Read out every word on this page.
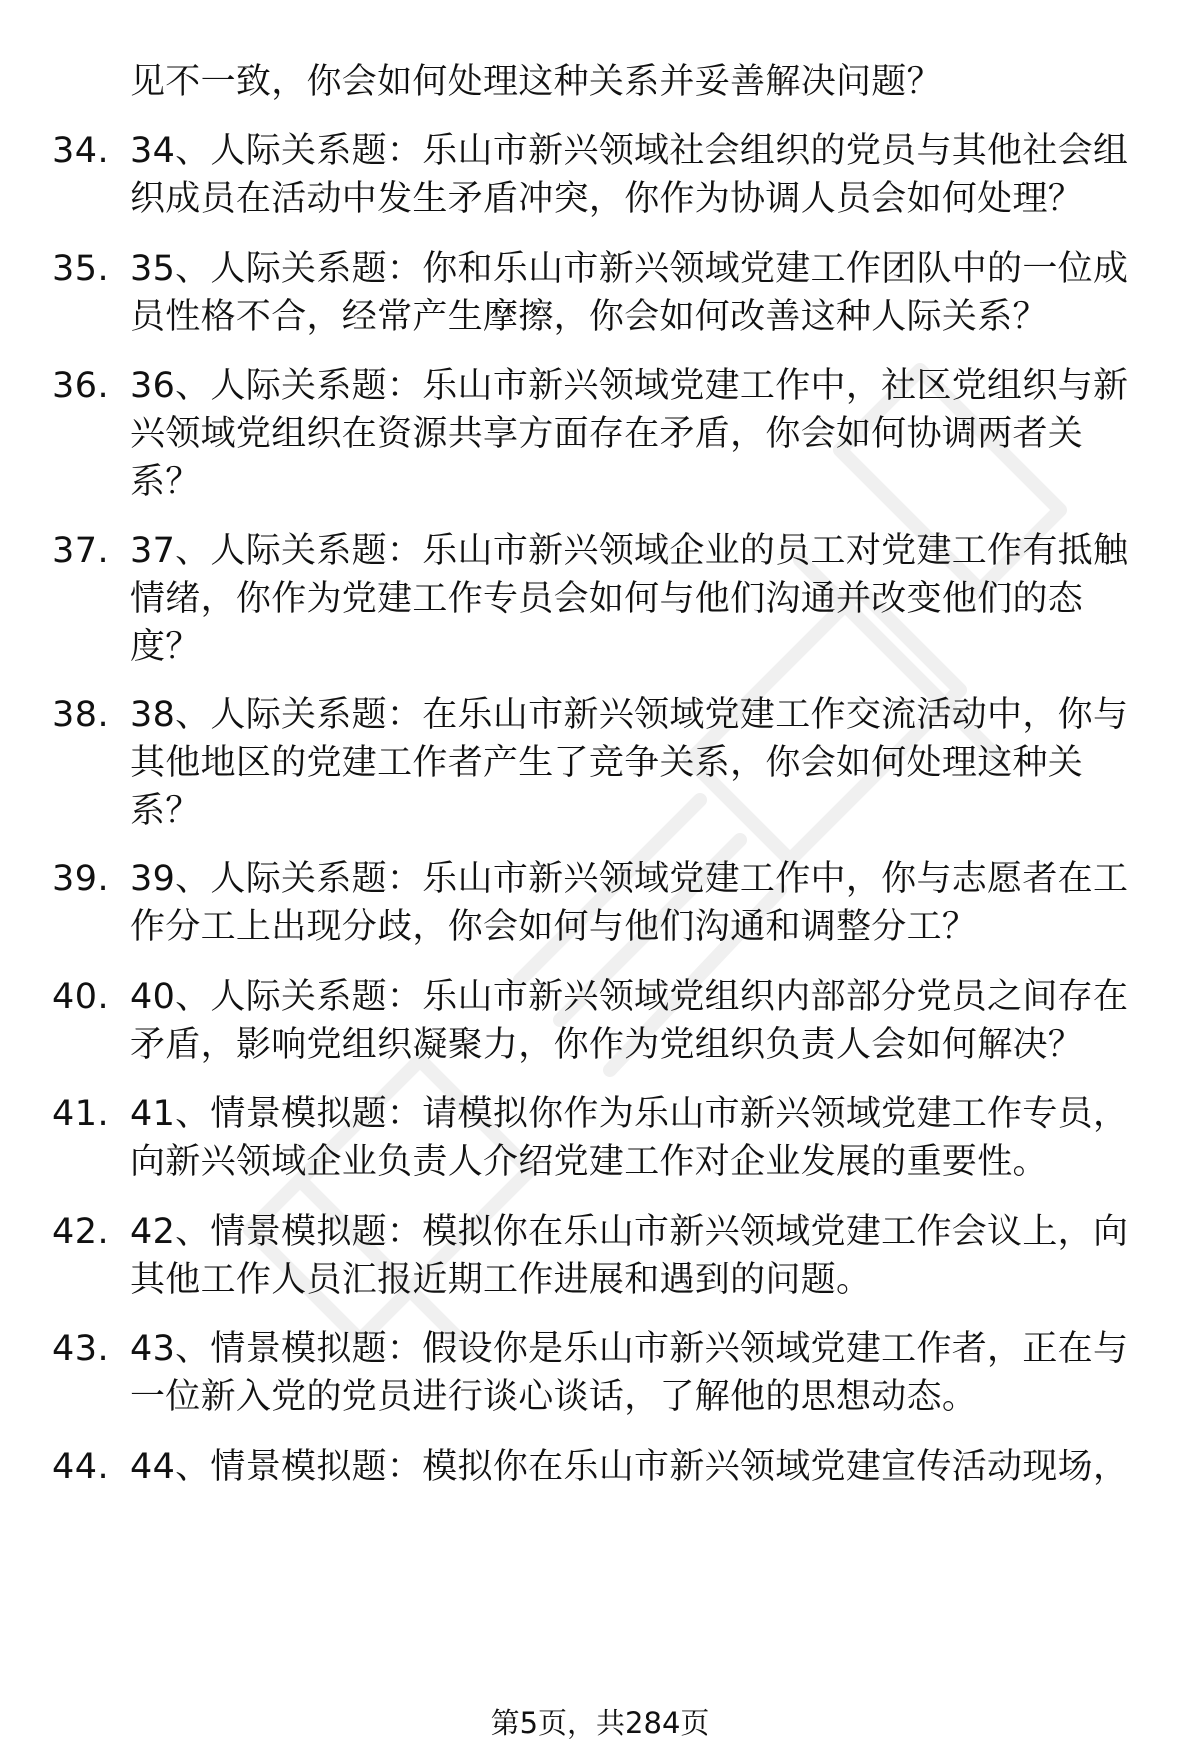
见不一致，你会如何处理这种关系并妥善解决问题？
34. 34、人际关系题：乐山市新兴领域社会组织的党员与其他社会组
织成员在活动中发生矛盾冲突，你作为协调人员会如何处理？
35. 35、人际关系题：你和乐山市新兴领域党建工作团队中的一位成
员性格不合，经常产生摩擦，你会如何改善这种人际关系？
36. 36、人际关系题：乐山市新兴领域党建工作中，社区党组织与新
兴领域党组织在资源共享方面存在矛盾，你会如何协调两者关
系？
37. 37、人际关系题：乐山市新兴领域企业的员工对党建工作有抵触
情绪，你作为党建工作专员会如何与他们沟通并改变他们的态
度？
38. 38、人际关系题：在乐山市新兴领域党建工作交流活动中，你与
其他地区的党建工作者产生了竞争关系，你会如何处理这种关
系？
39. 39、人际关系题：乐山市新兴领域党建工作中，你与志愿者在工
作分工上出现分歧，你会如何与他们沟通和调整分工？
40. 40、人际关系题：乐山市新兴领域党组织内部部分党员之间存在
矛盾，影响党组织凝聚力，你作为党组织负责人会如何解决？
41. 41、情景模拟题：请模拟你作为乐山市新兴领域党建工作专员，
向新兴领域企业负责人介绍党建工作对企业发展的重要性。
42. 42、情景模拟题：模拟你在乐山市新兴领域党建工作会议上，向
其他工作人员汇报近期工作进展和遇到的问题。
43. 43、情景模拟题：假设你是乐山市新兴领域党建工作者，正在与
一位新入党的党员进行谈心谈话，了解他的思想动态。
44. 44、情景模拟题：模拟你在乐山市新兴领域党建宣传活动现场，
第5页，共284页
